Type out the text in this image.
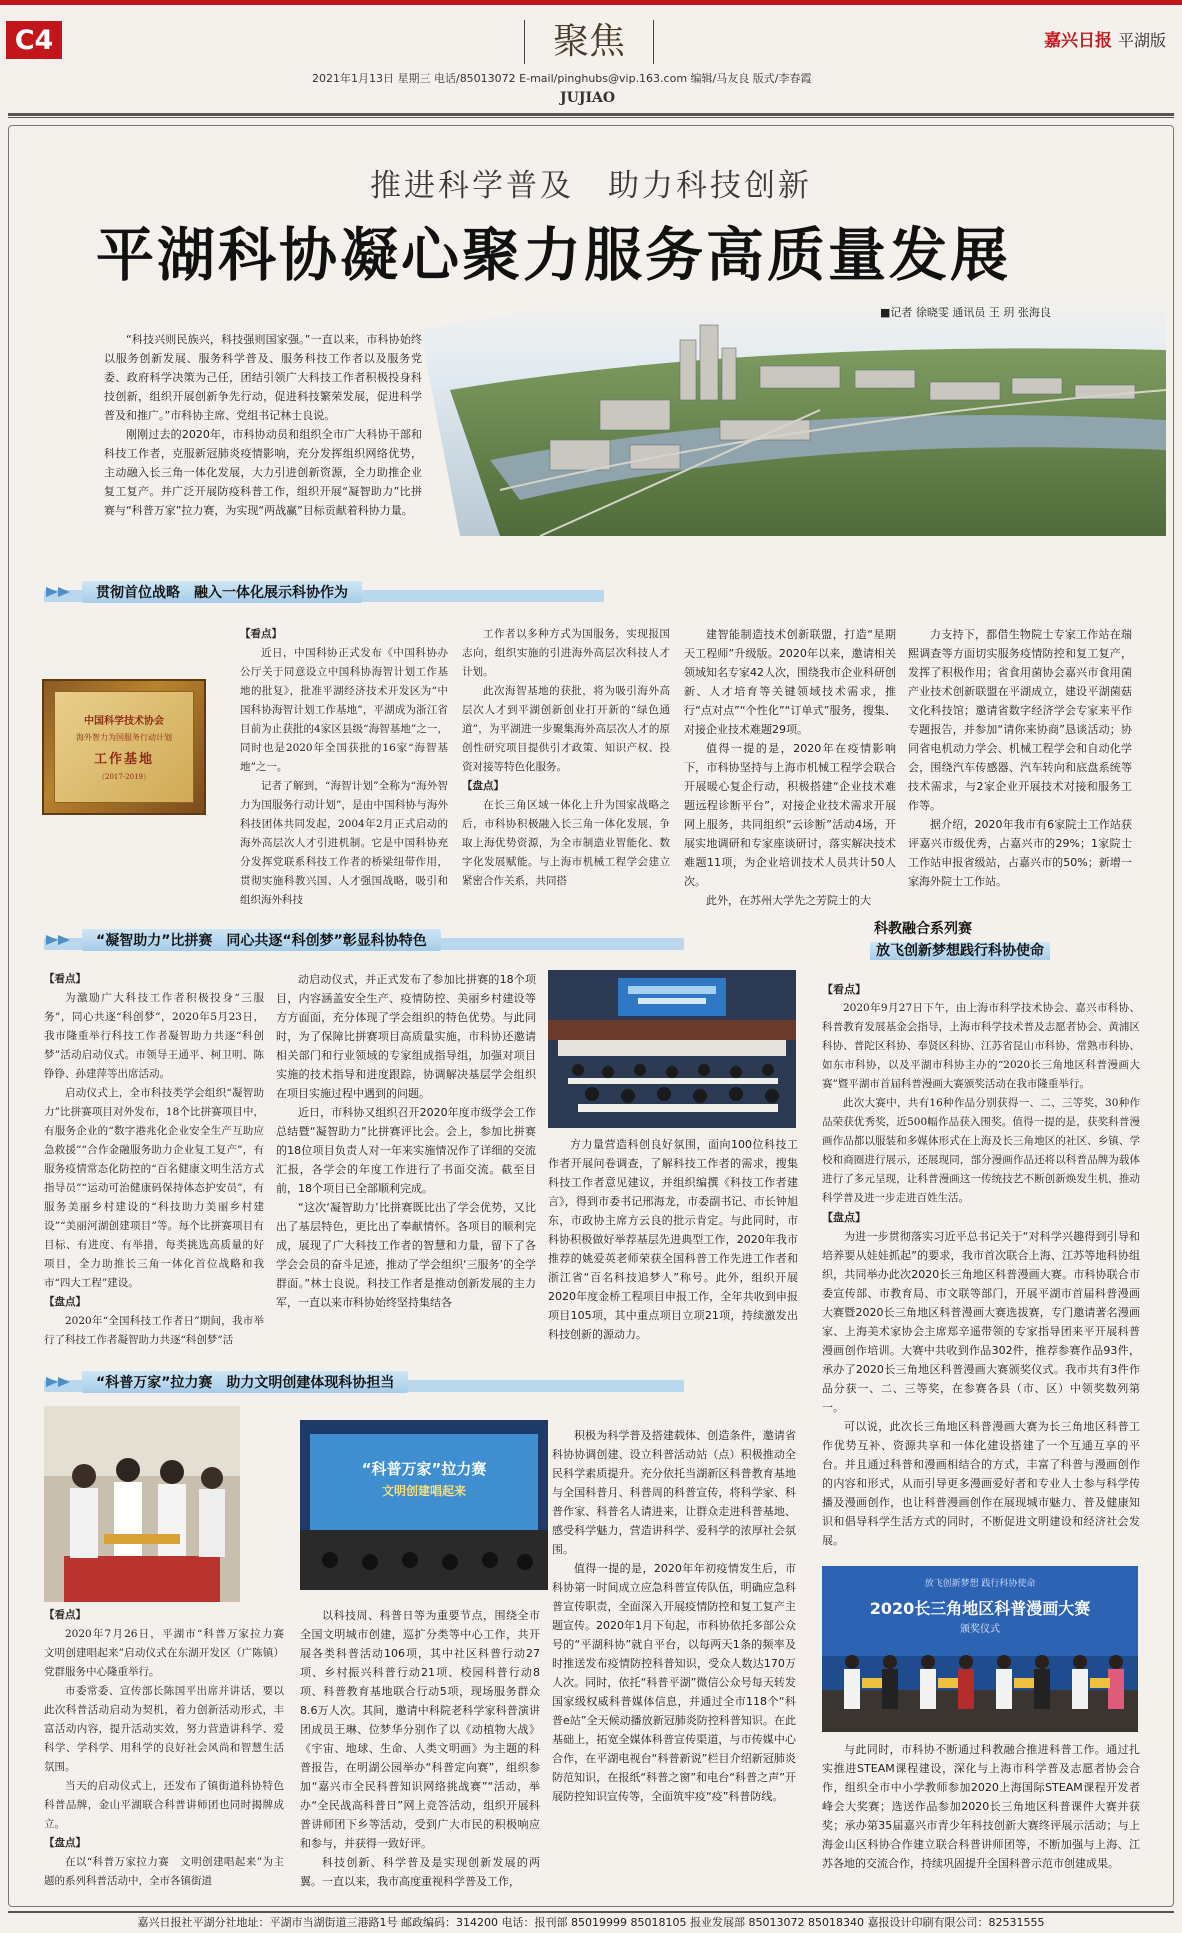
C4	聚焦	嘉兴日报 平湖版
2021年1月13日 星期三 电话/85013072 E-mail/pinghubs@vip.163.com 编辑/马友良 版式/李春霞
JUJIAO
推进科学普及　助力科技创新
平湖科协凝心聚力服务高质量发展
■记者 徐晓雯 通讯员 王 玥 张海良

“科技兴则民族兴，科技强则国家强。”一直以来，市科协始终以服务创新发展、服务科学普及、服务科技工作者以及服务党委、政府科学决策为己任，团结引领广大科技工作者积极投身科技创新，组织开展创新争先行动，促进科技繁荣发展，促进科学普及和推广。”市科协主席、党组书记林士良说。

刚刚过去的2020年，市科协动员和组织全市广大科协干部和科技工作者，克服新冠肺炎疫情影响，充分发挥组织网络优势，主动融入长三角一体化发展，大力引进创新资源，全力助推企业复工复产。并广泛开展防疫科普工作，组织开展“凝智助力”比拼赛与“科普万家”拉力赛，为实现“两战赢”目标贡献着科协力量。

贯彻首位战略　融入一体化展示科协作为
中国科学技术协会
海外智力为国服务行动计划
工作基地
（2017-2019）
【看点】

近日，中国科协正式发布《中国科协办公厅关于同意设立中国科协海智计划工作基地的批复》，批准平湖经济技术开发区为“中国科协海智计划工作基地”，平湖成为浙江省目前为止获批的4家区县级“海智基地”之一，同时也是2020年全国获批的16家“海智基地”之一。

记者了解到，“海智计划”全称为“海外智力为国服务行动计划”，是由中国科协与海外科技团体共同发起，2004年2月正式启动的海外高层次人才引进机制。它是中国科协充分发挥党联系科技工作者的桥梁纽带作用，贯彻实施科教兴国、人才强国战略，吸引和组织海外科技

工作者以多种方式为国服务，实现报国志向，组织实施的引进海外高层次科技人才计划。

此次海智基地的获批，将为吸引海外高层次人才到平湖创新创业打开新的“绿色通道”，为平湖进一步聚集海外高层次人才的原创性研究项目提供引才政策、知识产权、投资对接等特色化服务。

【盘点】

在长三角区域一体化上升为国家战略之后，市科协积极融入长三角一体化发展，争取上海优势资源，为全市制造业智能化、数字化发展赋能。与上海市机械工程学会建立紧密合作关系，共同搭

建智能制造技术创新联盟，打造“星期天工程师”升级版。2020年以来，邀请相关领域知名专家42人次，围绕我市企业科研创新、人才培育等关键领域技术需求，推行“点对点”“个性化”“订单式”服务，搜集、对接企业技术难题29项。

值得一提的是，2020年在疫情影响下，市科协坚持与上海市机械工程学会联合开展暖心复企行动，积极搭建“企业技术难题远程诊断平台”，对接企业技术需求开展网上服务，共同组织“云诊断”活动4场，开展实地调研和专家座谈研讨，落实解决技术难题11项，为企业培训技术人员共计50人次。

此外，在苏州大学先之芳院士的大

力支持下，都借生物院士专家工作站在瑞熙调查等方面切实服务疫情防控和复工复产，发挥了积极作用；省食用菌协会嘉兴市食用菌产业技术创新联盟在平湖成立，建设平湖菌菇文化科技馆；邀请省数字经济学会专家来平作专题报告，并参加“请你来协商”恳谈活动；协同省电机动力学会、机械工程学会和自动化学会，围绕汽车传感器、汽车转向和底盘系统等技术需求，与2家企业开展技术对接和服务工作等。

据介绍，2020年我市有6家院士工作站获评嘉兴市级优秀，占嘉兴市的29%；1家院士工作站申报省级站，占嘉兴市的50%；新增一家海外院士工作站。

科教融合系列赛
放飞创新梦想践行科协使命
“凝智助力”比拼赛　同心共逐“科创梦”彰显科协特色
【看点】

为激励广大科技工作者积极投身“三服务”，同心共逐“科创梦”，2020年5月23日，我市隆重举行科技工作者凝智助力共逐“科创梦”活动启动仪式。市领导王通平、柯卫明、陈铮铮、孙建萍等出席活动。

启动仪式上，全市科技类学会组织“凝智助力”比拼赛项目对外发布，18个比拼赛项目中，有服务企业的“数字港兆化企业安全生产互助应急救援”“合作金融服务助力企业复工复产”，有服务疫情常态化防控的“百名健康文明生活方式指导员”“运动可治健康码保持体态护安员”，有服务美丽乡村建设的“科技助力美丽乡村建设”“美丽河湖创建项目”等。每个比拼赛项目有目标、有进度、有举措，每类挑选高质量的好项目，全力助推长三角一体化首位战略和我市“四大工程”建设。

【盘点】

2020年“全国科技工作者日”期间，我市举行了科技工作者凝智助力共逐“科创梦”活

动启动仪式，并正式发布了参加比拼赛的18个项目，内容涵盖安全生产、疫情防控、美丽乡村建设等方方面面，充分体现了学会组织的特色优势。与此同时，为了保障比拼赛项目高质量实施，市科协还邀请相关部门和行业领域的专家组成指导组，加强对项目实施的技术指导和进度跟踪，协调解决基层学会组织在项目实施过程中遇到的问题。

近日，市科协又组织召开2020年度市级学会工作总结暨“凝智助力”比拼赛评比会。会上，参加比拼赛的18位项目负责人对一年来实施情况作了详细的交流汇报，各学会的年度工作进行了书面交流。截至目前，18个项目已全部顺利完成。

“这次‘凝智助力’比拼赛既比出了学会优势，又比出了基层特色，更比出了奉献情怀。各项目的顺利完成，展现了广大科技工作者的智慧和力量，留下了各学会会员的奋斗足迹，推动了学会组织‘三服务’的全学群面。”林士良说。科技工作者是推动创新发展的主力军，一直以来市科协始终坚持集结各

方力量营造科创良好氛围，面向100位科技工作者开展问卷调查，了解科技工作者的需求，搜集科技工作者意见建议，并组织编撰《科技工作者建言》，得到市委书记邢海龙，市委副书记、市长钟旭东，市政协主席方云良的批示肯定。与此同时，市科协积极做好举荐基层先进典型工作，2020年我市推荐的姚爱英老师荣获全国科普工作先进工作者和浙江省“百名科技追梦人”称号。此外，组织开展2020年度金桥工程项目申报工作，全年共收到申报项目105项，其中重点项目立项21项，持续激发出科技创新的源动力。

“科普万家”拉力赛　助力文明创建体现科协担当
“科普万家”拉力赛
文明创建唱起来
【看点】

2020年7月26日，平湖市“科普万家拉力赛　文明创建唱起来”启动仪式在东湖开发区（广陈镇）党群服务中心隆重举行。

市委常委、宣传部长陈国平出席并讲话，要以此次科普活动启动为契机，着力创新活动形式，丰富活动内容，提升活动实效，努力营造讲科学、爱科学、学科学、用科学的良好社会风尚和智慧生活氛围。

当天的启动仪式上，还发布了镇街道科协特色科普品牌，金山平湖联合科普讲师团也同时揭牌成立。

【盘点】

在以“科普万家拉力赛　文明创建唱起来”为主题的系列科普活动中，全市各镇街道

以科技周、科普日等为重要节点，围绕全市全国文明城市创建，巡扩分类等中心工作，共开展各类科普活动106项，其中社区科普行动27项、乡村振兴科普行动21项、校园科普行动8项、科普教育基地联合行动5项，现场服务群众8.6万人次。其间，邀请中科院老科学家科普演讲团成员王琳、位梦华分别作了以《动植物大战》《宇宙、地球、生命、人类文明画》为主题的科普报告，在明湖公园举办“科普定向赛”，组织参加“嘉兴市全民科普知识网络挑战赛”“活动，举办“全民战高科普日”网上竞答活动，组织开展科普讲师团下乡等活动，受到广大市民的积极响应和参与，并获得一致好评。

科技创新、科学普及是实现创新发展的两翼。一直以来，我市高度重视科学普及工作，

积极为科学普及搭建载体、创造条件，邀请省科协协调创建、设立科普活动站（点）积极推动全民科学素质提升。充分依托当湖新区科普教育基地与全国科普月、科普周的科普宣传，将科学家、科普作家、科普名人请进来，让群众走进科普基地、感受科学魅力，营造讲科学、爱科学的浓厚社会氛围。

值得一提的是，2020年年初疫情发生后，市科协第一时间成立应急科普宣传队伍，明确应急科普宣传职责，全面深入开展疫情防控和复工复产主题宣传。2020年1月下旬起，市科协依托多部公众号的“平湖科协”就自平台，以每两天1条的频率及时推送发布疫情防控科普知识，受众人数达170万人次。同时，依托“科普平湖”微信公众号每天转发国家级权威科普媒体信息，并通过全市118个“科普e站”全天候动播放新冠肺炎防控科普知识。在此基础上，拓宽全媒体科普宣传渠道，与市传媒中心合作，在平湖电视台“科普新说”栏目介绍新冠肺炎防范知识，在报纸“科普之窗”和电台“科普之声”开展防控知识宣传等，全面筑牢疫“疫”科普防线。

【看点】

2020年9月27日下午，由上海市科学技术协会、嘉兴市科协、科普教育发展基金会指导，上海市科学技术普及志愿者协会、黄浦区科协、普陀区科协、奉贤区科协、江苏省昆山市科协、常熟市科协、如东市科协，以及平湖市科协主办的“2020长三角地区科普漫画大赛”暨平湖市首届科普漫画大赛颁奖活动在我市隆重举行。

此次大赛中，共有16种作品分别获得一、二、三等奖，30种作品荣获优秀奖，近500幅作品获入围奖。值得一提的是，获奖科普漫画作品都以服装和多媒体形式在上海及长三角地区的社区、乡镇、学校和商圈进行展示，还展现同，部分漫画作品还将以科普品牌为载体进行了多元呈现，让科普漫画这一传统技艺不断创新焕发生机，推动科学普及进一步走进百姓生活。

【盘点】

为进一步贯彻落实习近平总书记关于“对科学兴趣得到引导和培养要从娃娃抓起”的要求，我市首次联合上海、江苏等地科协组织，共同举办此次2020长三角地区科普漫画大赛。市科协联合市委宣传部、市教育局、市文联等部门，开展平湖市首届科普漫画大赛暨2020长三角地区科普漫画大赛选拔赛，专门邀请著名漫画家、上海美术家协会主席郑辛遥带领的专家指导团来平开展科普漫画创作培训。大赛中共收到作品302件，推荐参赛作品93件，承办了2020长三角地区科普漫画大赛颁奖仪式。我市共有3件作品分获一、二、三等奖，在参赛各县（市、区）中领奖数列第一。

可以说，此次长三角地区科普漫画大赛为长三角地区科普工作优势互补、资源共享和一体化建设搭建了一个互通互享的平台。并且通过科普和漫画相结合的方式，丰富了科普与漫画创作的内容和形式，从而引导更多漫画爱好者和专业人士参与科学传播及漫画创作，也让科普漫画创作在展现城市魅力、普及健康知识和倡导科学生活方式的同时，不断促进文明建设和经济社会发展。

放飞创新梦想 践行科协使命
2020长三角地区科普漫画大赛
颁奖仪式

与此同时，市科协不断通过科教融合推进科普工作。通过扎实推进STEAM课程建设，深化与上海市科学普及志愿者协会合作，组织全市中小学教师参加2020上海国际STEAM课程开发者峰会大奖赛；选送作品参加2020长三角地区科普课件大赛并获奖；承办第35届嘉兴市青少年科技创新大赛终评展示活动；与上海金山区科协合作建立联合科普讲师团等，不断加强与上海、江苏各地的交流合作，持续巩固提升全国科普示范市创建成果。

嘉兴日报社平湖分社地址：平湖市当湖街道三港路1号 邮政编码：314200 电话：报刊部 85019999 85018105 报业发展部 85013072 85018340 嘉报设计印刷有限公司：82531555
